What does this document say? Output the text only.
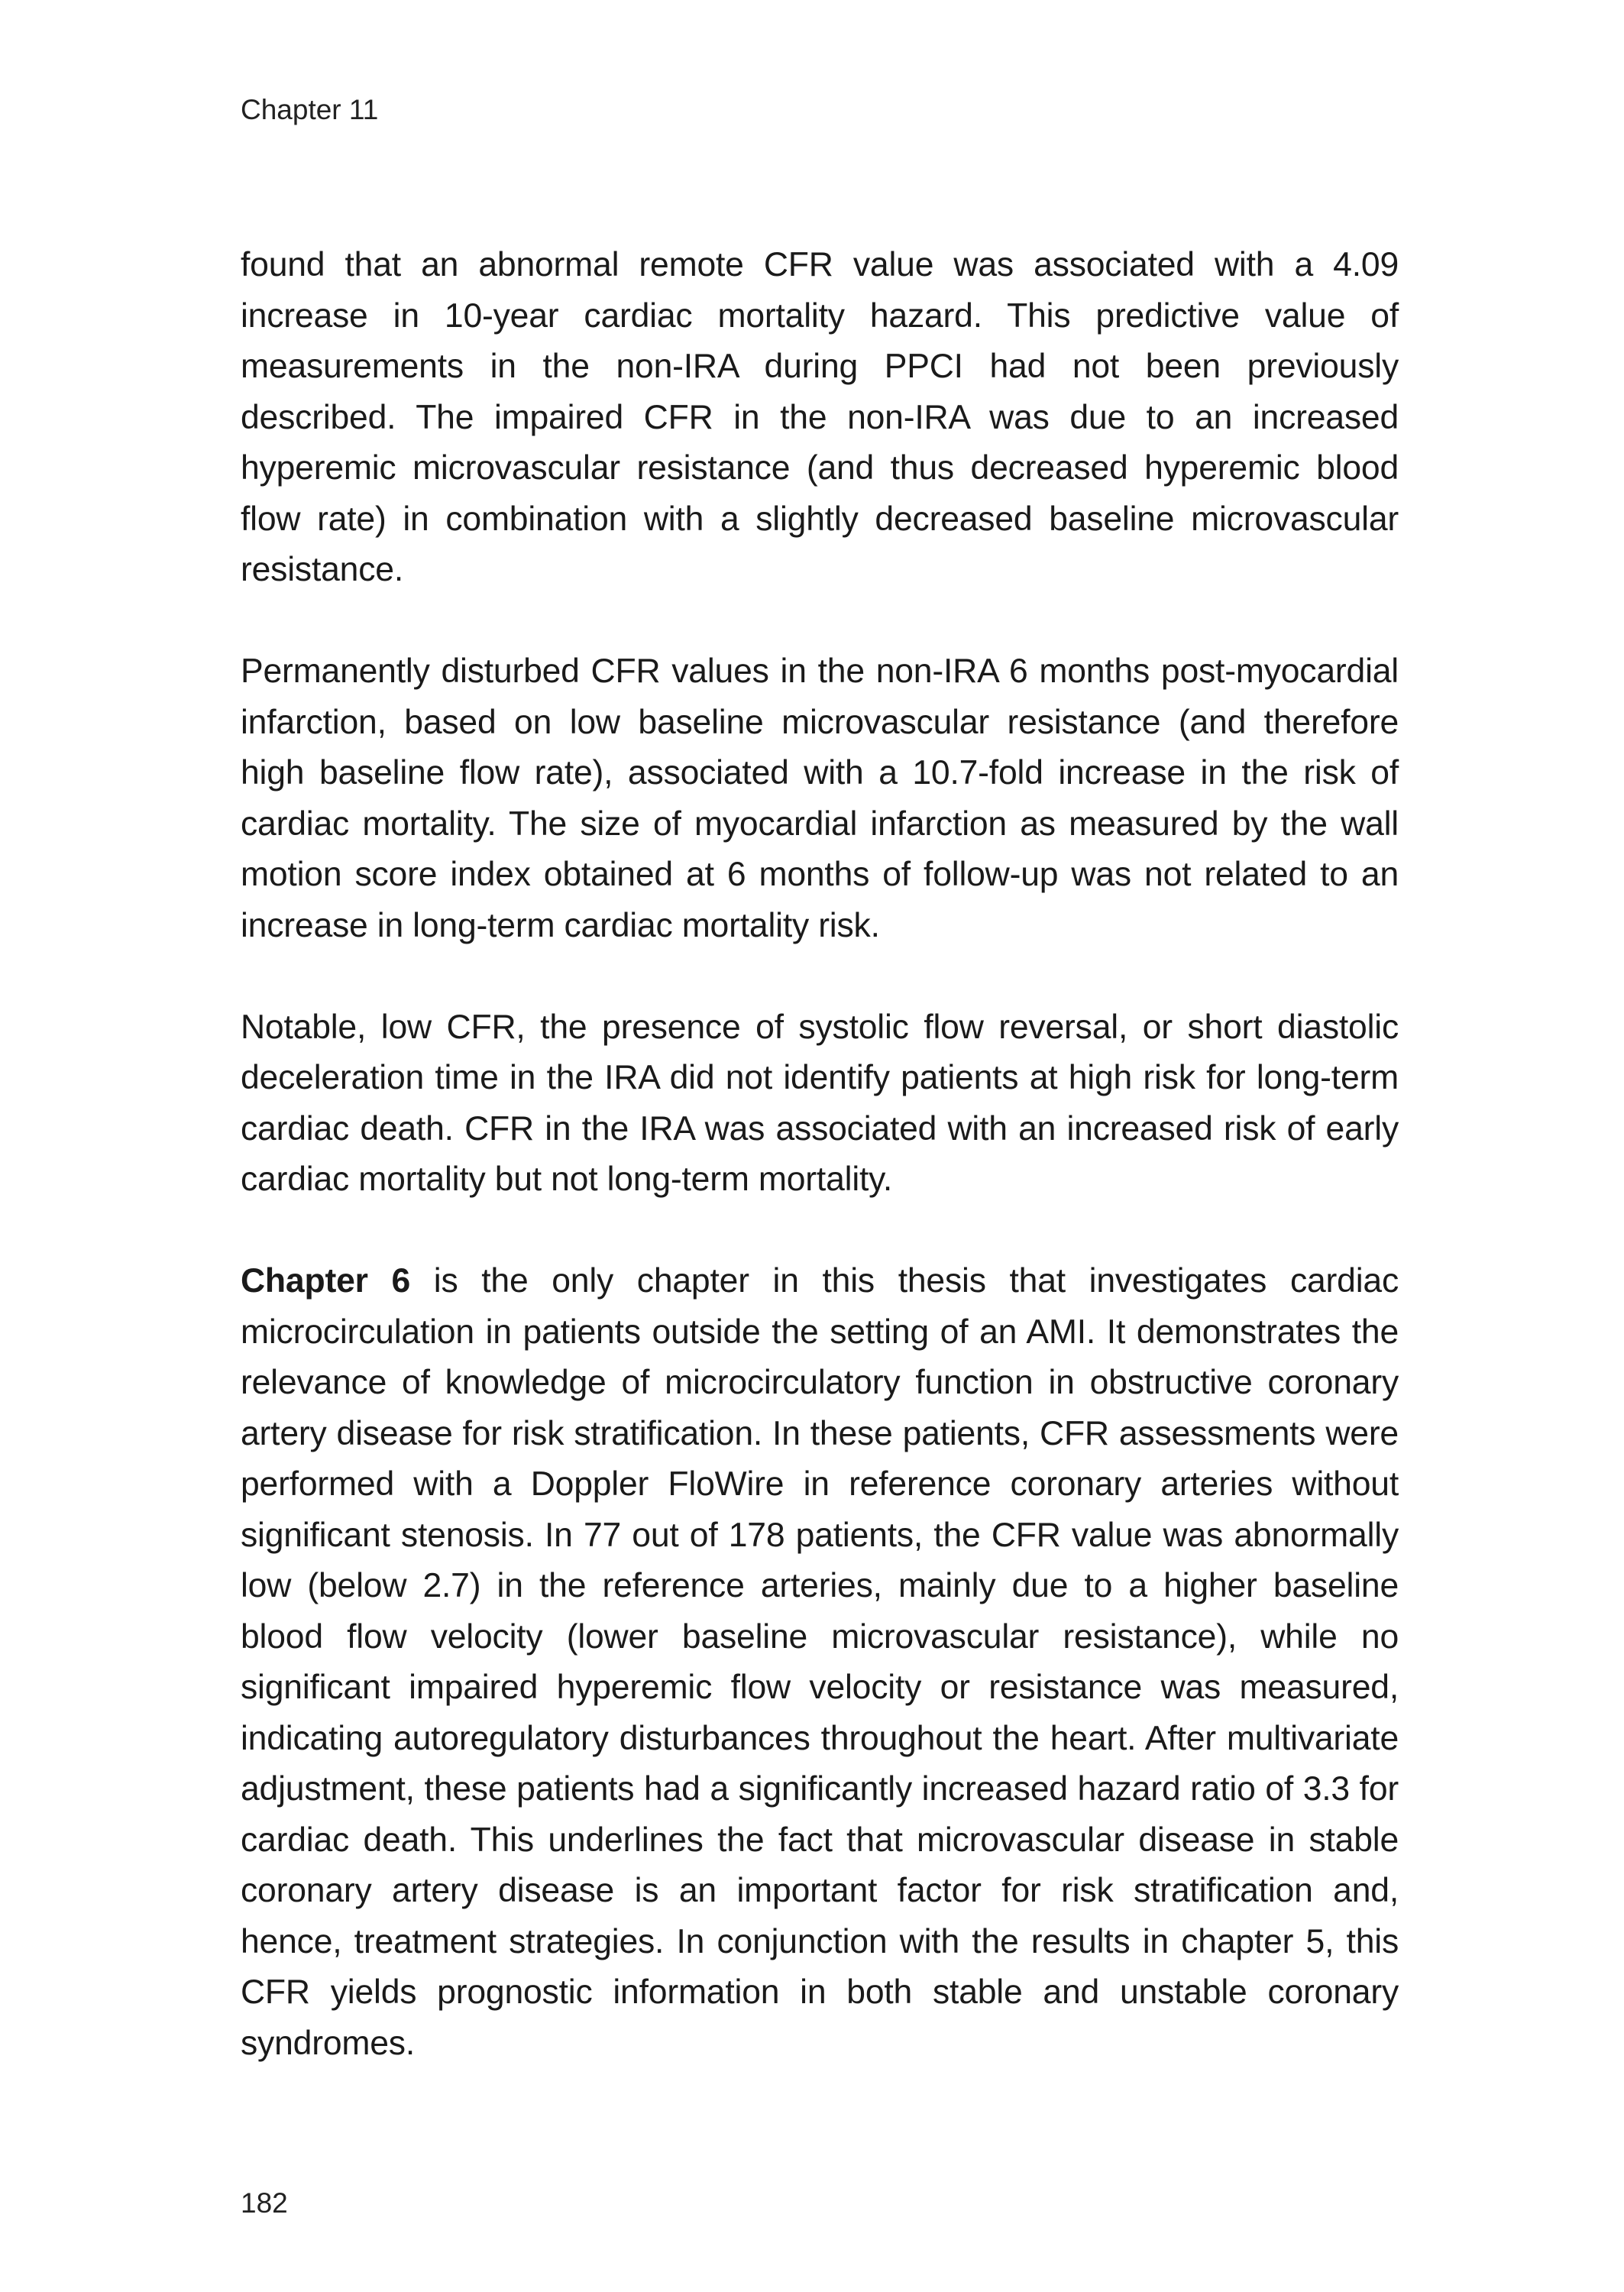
Chapter 11

found that an abnormal remote CFR value was associated with a 4.09 increase in 10-year cardiac mortality hazard. This predictive value of measurements in the non-IRA during PPCI had not been previously described. The impaired CFR in the non-IRA was due to an increased hyperemic microvascular resistance (and thus decreased hyperemic blood flow rate) in combination with a slightly decreased baseline microvascular resistance.

Permanently disturbed CFR values in the non-IRA 6 months post-myocardial infarction, based on low baseline microvascular resistance (and therefore high baseline flow rate), associated with a 10.7-fold increase in the risk of cardiac mortality. The size of myocardial infarction as measured by the wall motion score index obtained at 6 months of follow-up was not related to an increase in long-term cardiac mortality risk.

Notable, low CFR, the presence of systolic flow reversal, or short diastolic deceleration time in the IRA did not identify patients at high risk for long-term cardiac death. CFR in the IRA was associated with an increased risk of early cardiac mortality but not long-term mortality.

Chapter 6 is the only chapter in this thesis that investigates cardiac microcirculation in patients outside the setting of an AMI. It demonstrates the relevance of knowledge of microcirculatory function in obstructive coronary artery disease for risk stratification. In these patients, CFR assessments were performed with a Doppler FloWire in reference coronary arteries without significant stenosis. In 77 out of 178 patients, the CFR value was abnormally low (below 2.7) in the reference arteries, mainly due to a higher baseline blood flow velocity (lower baseline microvascular resistance), while no significant impaired hyperemic flow velocity or resistance was measured, indicating autoregulatory disturbances throughout the heart. After multivariate adjustment, these patients had a significantly increased hazard ratio of 3.3 for cardiac death. This underlines the fact that microvascular disease in stable coronary artery disease is an important factor for risk stratification and, hence, treatment strategies. In conjunction with the results in chapter 5, this CFR yields prognostic information in both stable and unstable coronary syndromes.

182
